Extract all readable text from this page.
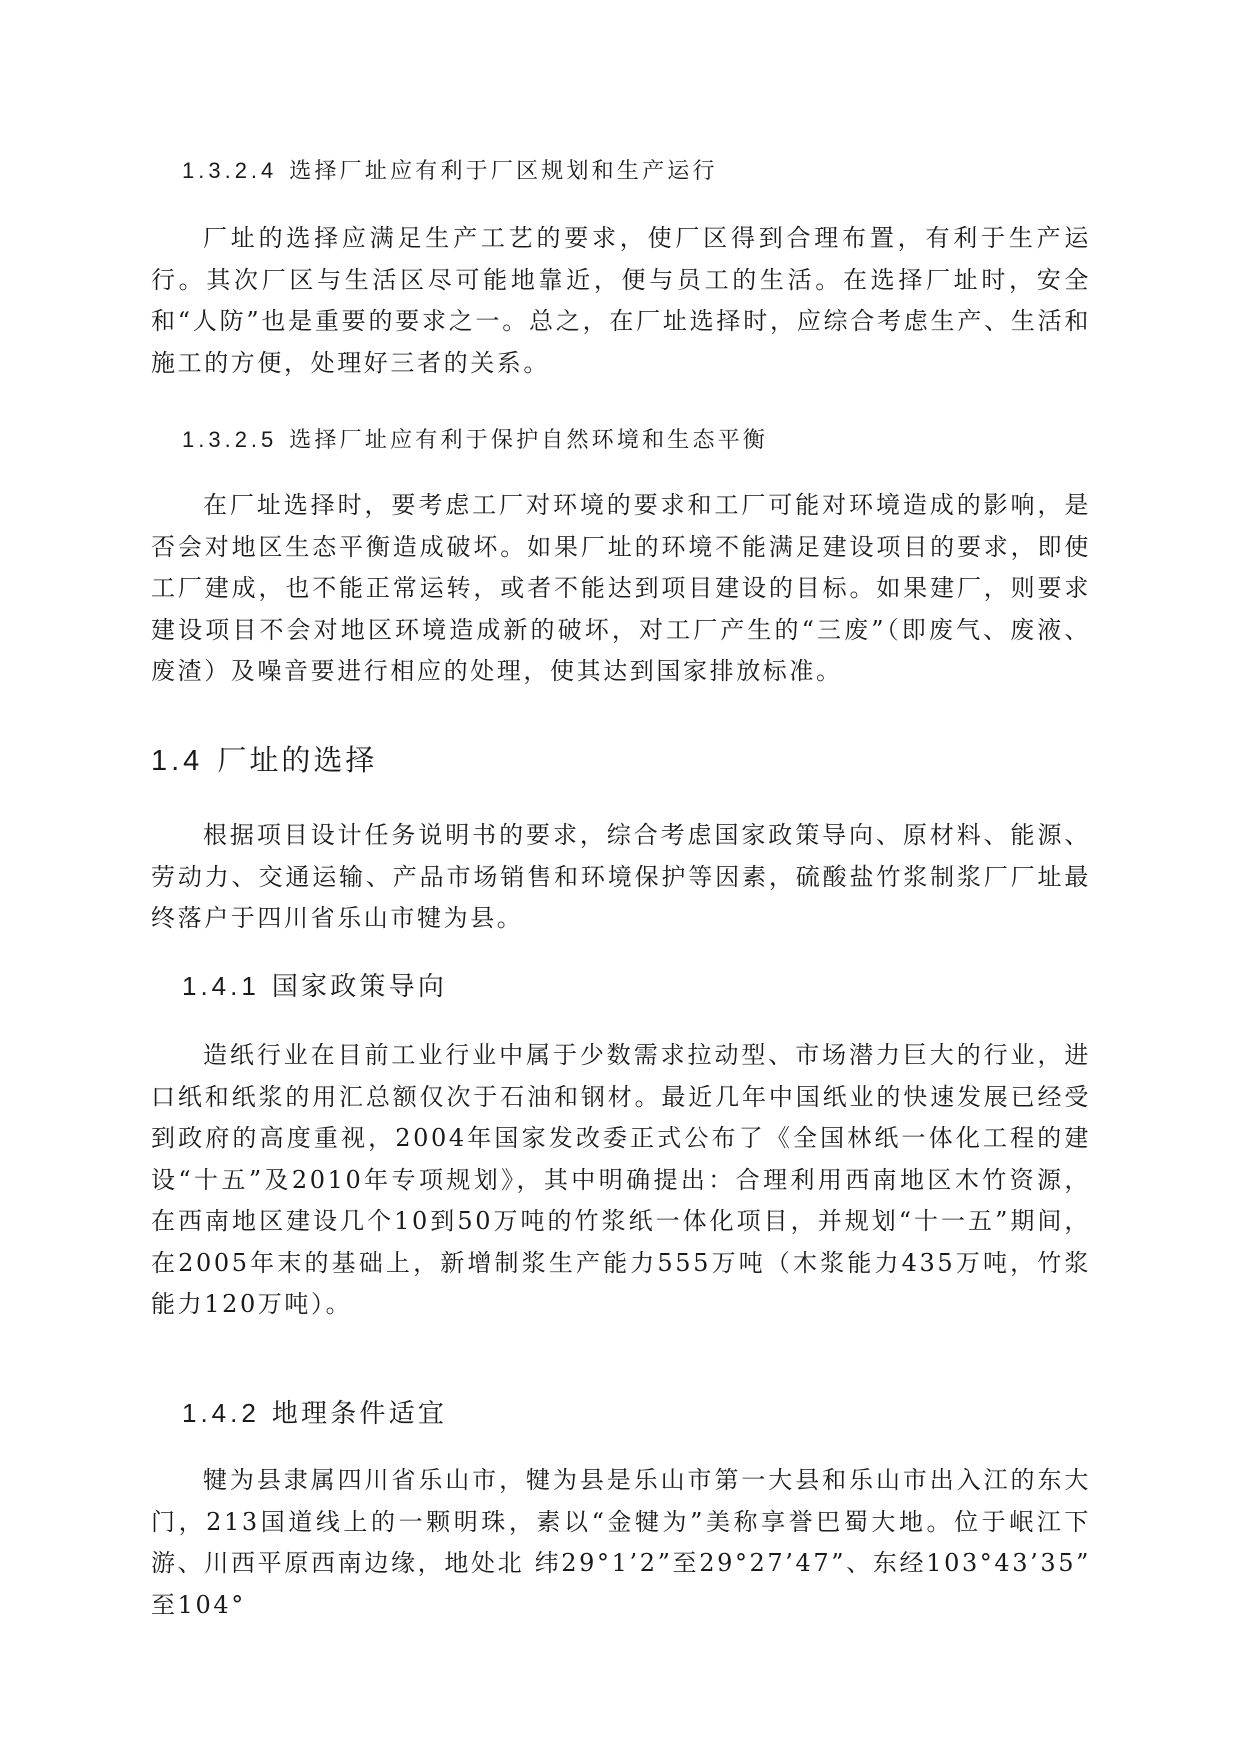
1.3.2.4 选择厂址应有利于厂区规划和生产运行

厂址的选择应满足生产工艺的要求，使厂区得到合理布置，有利于生产运行。其次厂区与生活区尽可能地靠近，便与员工的生活。在选择厂址时，安全和“人防”也是重要的要求之一。总之，在厂址选择时，应综合考虑生产、生活和施工的方便，处理好三者的关系。

1.3.2.5 选择厂址应有利于保护自然环境和生态平衡

在厂址选择时，要考虑工厂对环境的要求和工厂可能对环境造成的影响，是否会对地区生态平衡造成破坏。如果厂址的环境不能满足建设项目的要求，即使工厂建成，也不能正常运转，或者不能达到项目建设的目标。如果建厂，则要求建设项目不会对地区环境造成新的破坏，对工厂产生的“三废”（即废气、废液、废渣）及噪音要进行相应的处理，使其达到国家排放标准。

1.4 厂址的选择

根据项目设计任务说明书的要求，综合考虑国家政策导向、原材料、能源、劳动力、交通运输、产品市场销售和环境保护等因素，硫酸盐竹浆制浆厂厂址最终落户于四川省乐山市犍为县。

1.4.1 国家政策导向

造纸行业在目前工业行业中属于少数需求拉动型、市场潜力巨大的行业，进口纸和纸浆的用汇总额仅次于石油和钢材。最近几年中国纸业的快速发展已经受到政府的高度重视，2004年国家发改委正式公布了《全国林纸一体化工程的建设“十五”及2010年专项规划》，其中明确提出：合理利用西南地区木竹资源，在西南地区建设几个10到50万吨的竹浆纸一体化项目，并规划“十一五”期间，在2005年末的基础上，新增制浆生产能力555万吨（木浆能力435万吨，竹浆能力120万吨）。

1.4.2 地理条件适宜

犍为县隶属四川省乐山市，犍为县是乐山市第一大县和乐山市出入江的东大门，213国道线上的一颗明珠，素以“金犍为”美称享誉巴蜀大地。位于岷江下游、川西平原西南边缘，地处北 纬29°1’2”至29°27’47”、东经103°43’35” 至104°
